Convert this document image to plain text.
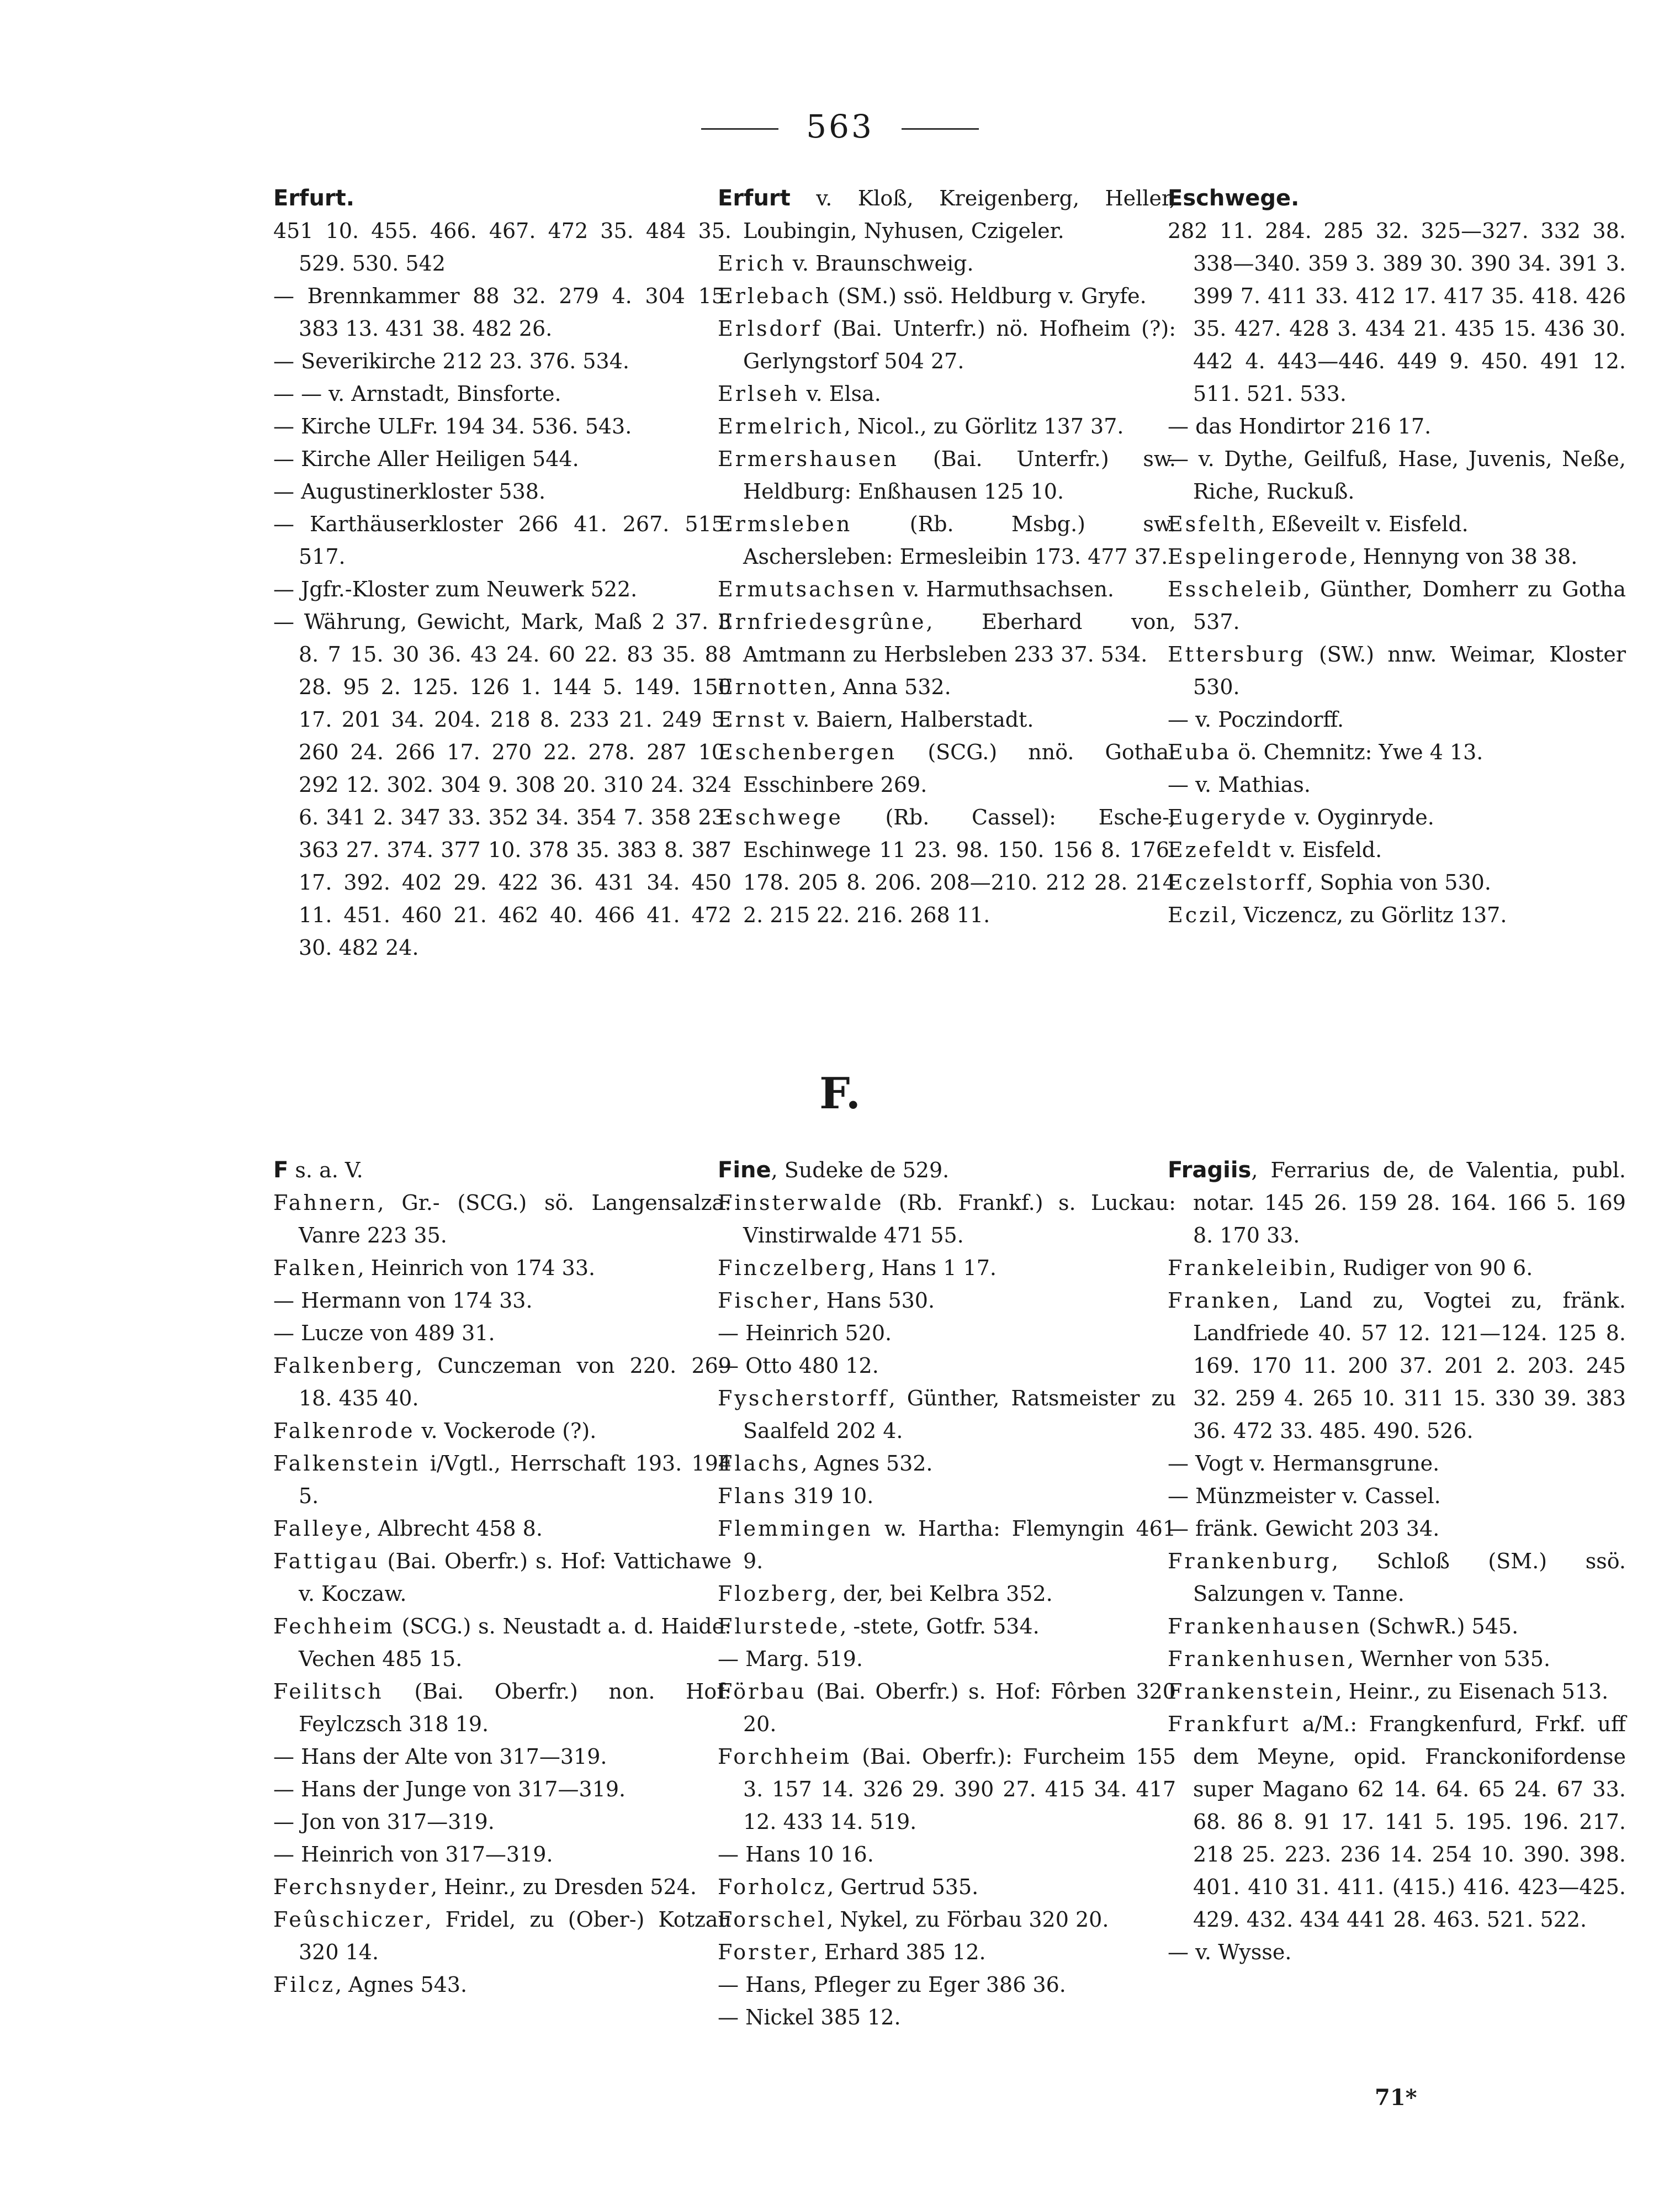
563
Erfurt.
451 10. 455. 466. 467. 472 35. 484 35. 529. 530. 542
— Brennkammer 88 32. 279 4. 304 15. 383 13. 431 38. 482 26.
— Severikirche 212 23. 376. 534.
— — v. Arnstadt, Binsforte.
— Kirche ULFr. 194 34. 536. 543.
— Kirche Aller Heiligen 544.
— Augustinerkloster 538.
— Karthäuserkloster 266 41. 267. 515. 517.
— Jgfr.-Kloster zum Neuwerk 522.
— Währung, Gewicht, Mark, Maß 2 37. 3 8. 7 15. 30 36. 43 24. 60 22. 83 35. 88 28. 95 2. 125. 126 1. 144 5. 149. 150 17. 201 34. 204. 218 8. 233 21. 249 5. 260 24. 266 17. 270 22. 278. 287 10. 292 12. 302. 304 9. 308 20. 310 24. 324 6. 341 2. 347 33. 352 34. 354 7. 358 23. 363 27. 374. 377 10. 378 35. 383 8. 387 17. 392. 402 29. 422 36. 431 34. 450 11. 451. 460 21. 462 40. 466 41. 472 30. 482 24.
Erfurt v. Kloß, Kreigenberg, Heller, Loubingin, Nyhusen, Czigeler.
Erich v. Braunschweig.
Erlebach (SM.) ssö. Heldburg v. Gryfe.
Erlsdorf (Bai. Unterfr.) nö. Hofheim (?): Gerlyngstorf 504 27.
Erlseh v. Elsa.
Ermelrich, Nicol., zu Görlitz 137 37.
Ermershausen (Bai. Unterfr.) sw. Heldburg: Enßhausen 125 10.
Ermsleben (Rb. Msbg.) sw. Aschersleben: Ermesleibin 173. 477 37.
Ermutsachsen v. Harmuthsachsen.
Ernfriedesgrûne, Eberhard von, Amtmann zu Herbsleben 233 37. 534.
Ernotten, Anna 532.
Ernst v. Baiern, Halberstadt.
Eschenbergen (SCG.) nnö. Gotha: Esschinbere 269.
Eschwege (Rb. Cassel): Esche-, Eschinwege 11 23. 98. 150. 156 8. 176. 178. 205 8. 206. 208—210. 212 28. 214 2. 215 22. 216. 268 11.
Eschwege.
282 11. 284. 285 32. 325—327. 332 38. 338—340. 359 3. 389 30. 390 34. 391 3. 399 7. 411 33. 412 17. 417 35. 418. 426 35. 427. 428 3. 434 21. 435 15. 436 30. 442 4. 443—446. 449 9. 450. 491 12. 511. 521. 533.
— das Hondirtor 216 17.
— v. Dythe, Geilfuß, Hase, Juvenis, Neße, Riche, Ruckuß.
Esfelth, Eßeveilt v. Eisfeld.
Espelingerode, Hennyng von 38 38.
Esscheleib, Günther, Domherr zu Gotha 537.
Ettersburg (SW.) nnw. Weimar, Kloster 530.
— v. Poczindorff.
Euba ö. Chemnitz: Ywe 4 13.
— v. Mathias.
Eugeryde v. Oyginryde.
Ezefeldt v. Eisfeld.
Eczelstorff, Sophia von 530.
Eczil, Viczencz, zu Görlitz 137.
F.
F s. a. V.
Fahnern, Gr.- (SCG.) sö. Langensalza: Vanre 223 35.
Falken, Heinrich von 174 33.
— Hermann von 174 33.
— Lucze von 489 31.
Falkenberg, Cunczeman von 220. 269 18. 435 40.
Falkenrode v. Vockerode (?).
Falkenstein i/Vgtl., Herrschaft 193. 194 5.
Falleye, Albrecht 458 8.
Fattigau (Bai. Oberfr.) s. Hof: Vattichawe v. Koczaw.
Fechheim (SCG.) s. Neustadt a. d. Haide: Vechen 485 15.
Feilitsch (Bai. Oberfr.) non. Hof: Feylczsch 318 19.
— Hans der Alte von 317—319.
— Hans der Junge von 317—319.
— Jon von 317—319.
— Heinrich von 317—319.
Ferchsnyder, Heinr., zu Dresden 524.
Feûschiczer, Fridel, zu (Ober-) Kotzau 320 14.
Filcz, Agnes 543.
Fine, Sudeke de 529.
Finsterwalde (Rb. Frankf.) s. Luckau: Vinstirwalde 471 55.
Finczelberg, Hans 1 17.
Fischer, Hans 530.
— Heinrich 520.
— Otto 480 12.
Fyscherstorff, Günther, Ratsmeister zu Saalfeld 202 4.
Flachs, Agnes 532.
Flans 319 10.
Flemmingen w. Hartha: Flemyngin 461 9.
Flozberg, der, bei Kelbra 352.
Flurstede, -stete, Gotfr. 534.
— Marg. 519.
Förbau (Bai. Oberfr.) s. Hof: Fôrben 320 20.
Forchheim (Bai. Oberfr.): Furcheim 155 3. 157 14. 326 29. 390 27. 415 34. 417 12. 433 14. 519.
— Hans 10 16.
Forholcz, Gertrud 535.
Forschel, Nykel, zu Förbau 320 20.
Forster, Erhard 385 12.
— Hans, Pfleger zu Eger 386 36.
— Nickel 385 12.
Fragiis, Ferrarius de, de Valentia, publ. notar. 145 26. 159 28. 164. 166 5. 169 8. 170 33.
Frankeleibin, Rudiger von 90 6.
Franken, Land zu, Vogtei zu, fränk. Landfriede 40. 57 12. 121—124. 125 8. 169. 170 11. 200 37. 201 2. 203. 245 32. 259 4. 265 10. 311 15. 330 39. 383 36. 472 33. 485. 490. 526.
— Vogt v. Hermansgrune.
— Münzmeister v. Cassel.
— fränk. Gewicht 203 34.
Frankenburg, Schloß (SM.) ssö. Salzungen v. Tanne.
Frankenhausen (SchwR.) 545.
Frankenhusen, Wernher von 535.
Frankenstein, Heinr., zu Eisenach 513.
Frankfurt a/M.: Frangkenfurd, Frkf. uff dem Meyne, opid. Franckonifordense super Magano 62 14. 64. 65 24. 67 33. 68. 86 8. 91 17. 141 5. 195. 196. 217. 218 25. 223. 236 14. 254 10. 390. 398. 401. 410 31. 411. (415.) 416. 423—425. 429. 432. 434 441 28. 463. 521. 522.
— v. Wysse.
71*
